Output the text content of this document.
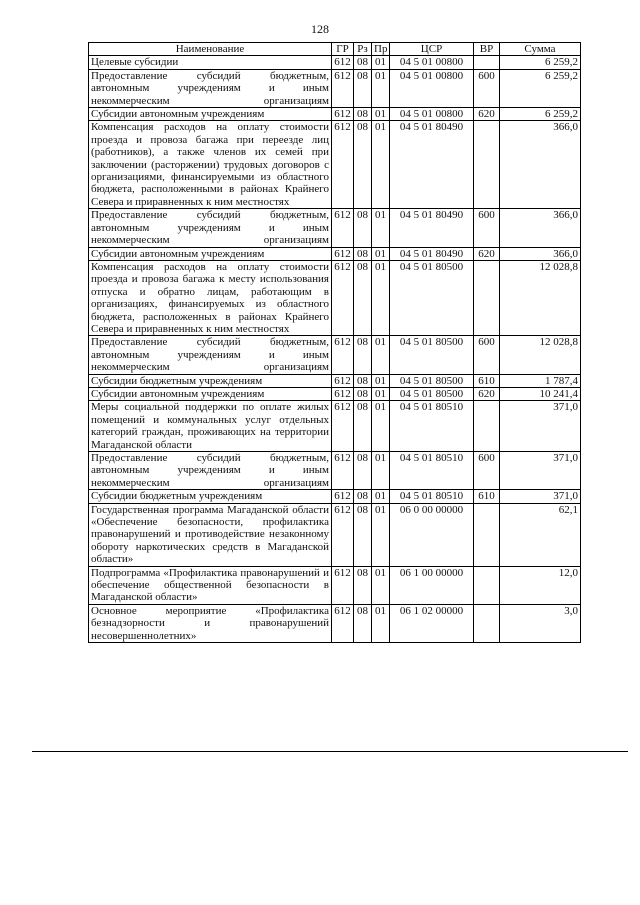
128
Наименование	ГР	Рз	Пр	ЦСР	ВР	Сумма
Целевые субсидии	612	08	01	04 5 01 00800		6 259,2
Предоставление субсидий бюджетным, автономным учреждениям и иным некоммерческим организациям	612	08	01	04 5 01 00800	600	6 259,2
Субсидии автономным учреждениям	612	08	01	04 5 01 00800	620	6 259,2
Компенсация расходов на оплату стоимости проезда и провоза багажа при переезде лиц (работников), а также членов их семей при заключении (расторжении) трудовых договоров с организациями, финансируемыми из областного бюджета, расположенными в районах Крайнего Севера и приравненных к ним местностях	612	08	01	04 5 01 80490		366,0
Предоставление субсидий бюджетным, автономным учреждениям и иным некоммерческим организациям	612	08	01	04 5 01 80490	600	366,0
Субсидии автономным учреждениям	612	08	01	04 5 01 80490	620	366,0
Компенсация расходов на оплату стоимости проезда и провоза багажа к месту использования отпуска и обратно лицам, работающим в организациях, финансируемых из областного бюджета, расположенных в районах Крайнего Севера и приравненных к ним местностях	612	08	01	04 5 01 80500		12 028,8
Предоставление субсидий бюджетным, автономным учреждениям и иным некоммерческим организациям	612	08	01	04 5 01 80500	600	12 028,8
Субсидии бюджетным учреждениям	612	08	01	04 5 01 80500	610	1 787,4
Субсидии автономным учреждениям	612	08	01	04 5 01 80500	620	10 241,4
Меры социальной поддержки по оплате жилых помещений и коммунальных услуг отдельных категорий граждан, проживающих на территории Магаданской области	612	08	01	04 5 01 80510		371,0
Предоставление субсидий бюджетным, автономным учреждениям и иным некоммерческим организациям	612	08	01	04 5 01 80510	600	371,0
Субсидии бюджетным учреждениям	612	08	01	04 5 01 80510	610	371,0
Государственная программа Магаданской области «Обеспечение безопасности, профилактика правонарушений и противодействие незаконному обороту наркотических средств в Магаданской области»	612	08	01	06 0 00 00000		62,1
Подпрограмма «Профилактика правонарушений и обеспечение общественной безопасности в Магаданской области»	612	08	01	06 1 00 00000		12,0
Основное мероприятие «Профилактика безнадзорности и правонарушений несовершеннолетних»	612	08	01	06 1 02 00000		3,0
